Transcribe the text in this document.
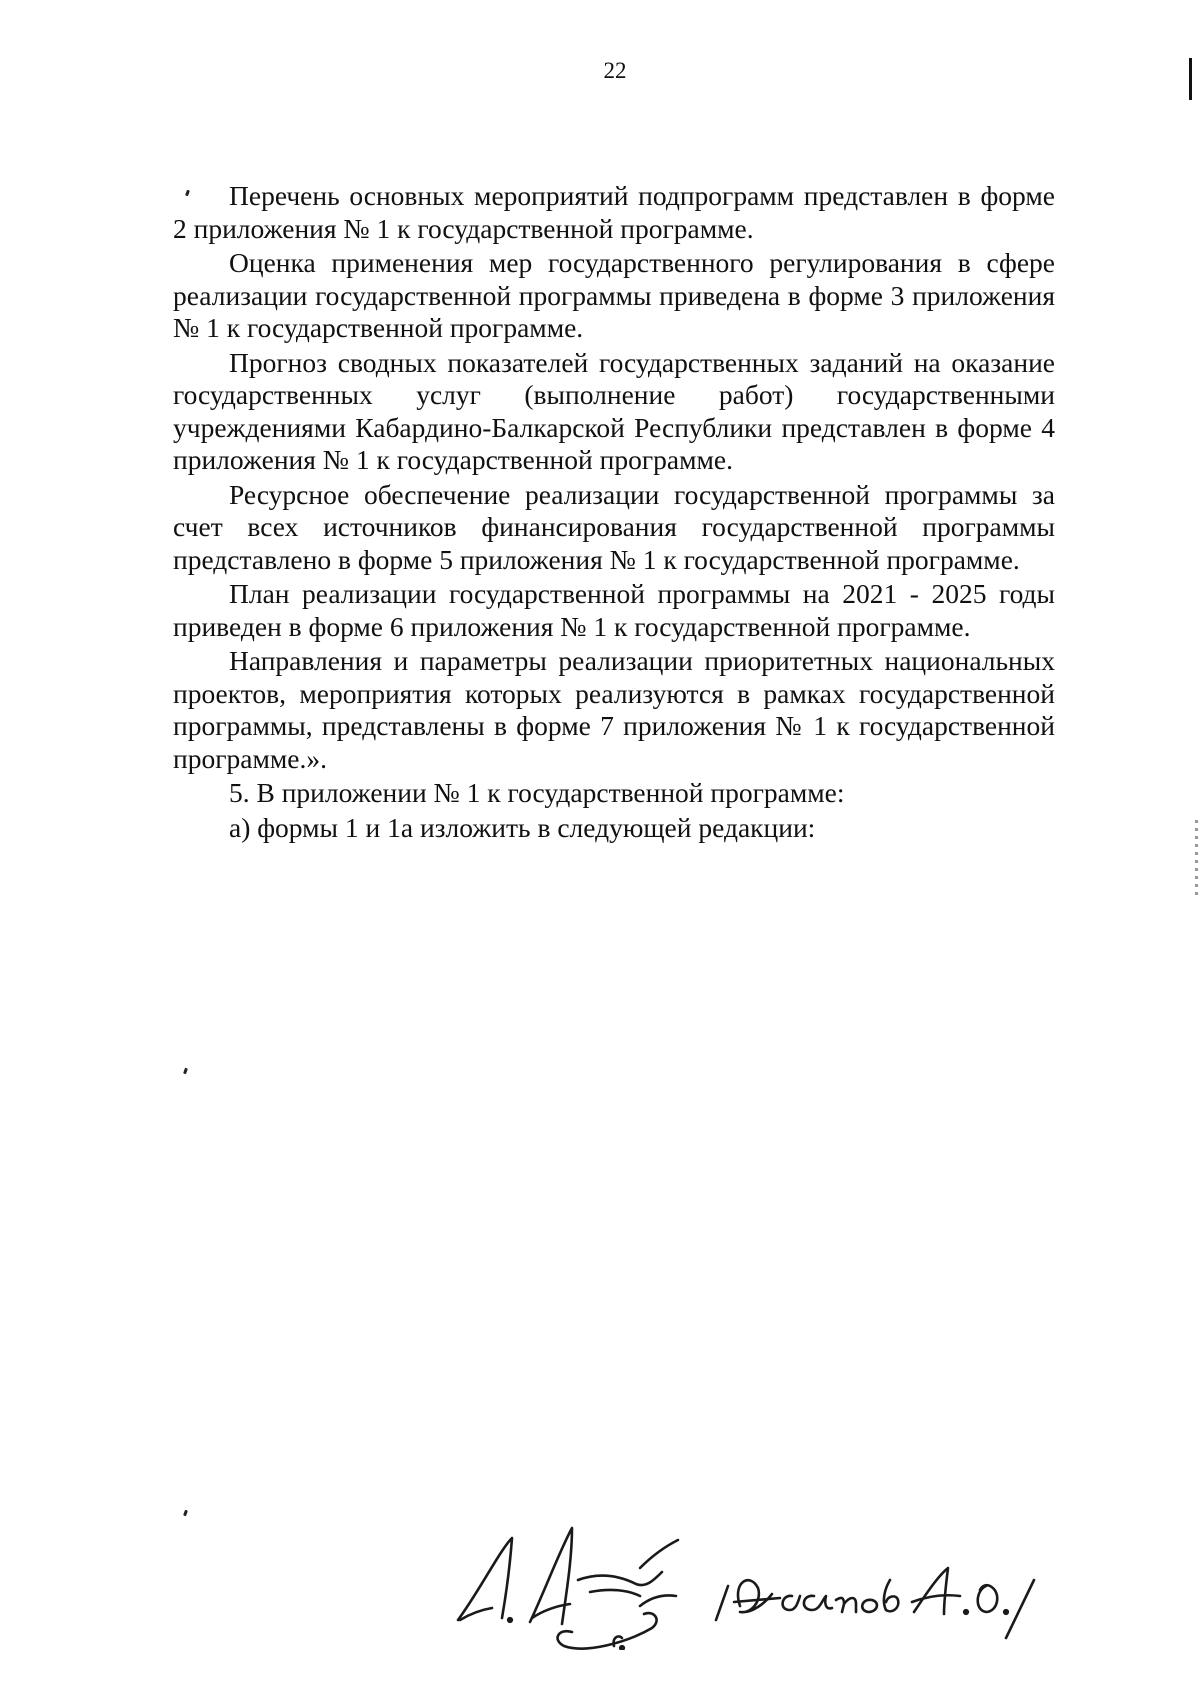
22

Перечень основных мероприятий подпрограмм представлен в форме 2 приложения № 1 к государственной программе.

Оценка применения мер государственного регулирования в сфере реализации государственной программы приведена в форме 3 приложения № 1 к государственной программе.

Прогноз сводных показателей государственных заданий на оказание государственных услуг (выполнение работ) государственными учреждениями Кабардино-Балкарской Республики представлен в форме 4 приложения № 1 к государственной программе.

Ресурсное обеспечение реализации государственной программы за счет всех источников финансирования государственной программы представлено в форме 5 приложения № 1 к государственной программе.

План реализации государственной программы на 2021 - 2025 годы приведен в форме 6 приложения № 1 к государственной программе.

Направления и параметры реализации приоритетных национальных проектов, мероприятия которых реализуются в рамках государственной программы, представлены в форме 7 приложения № 1 к государственной программе.».

5. В приложении № 1 к государственной программе:

а) формы 1 и 1а изложить в следующей редакции:
